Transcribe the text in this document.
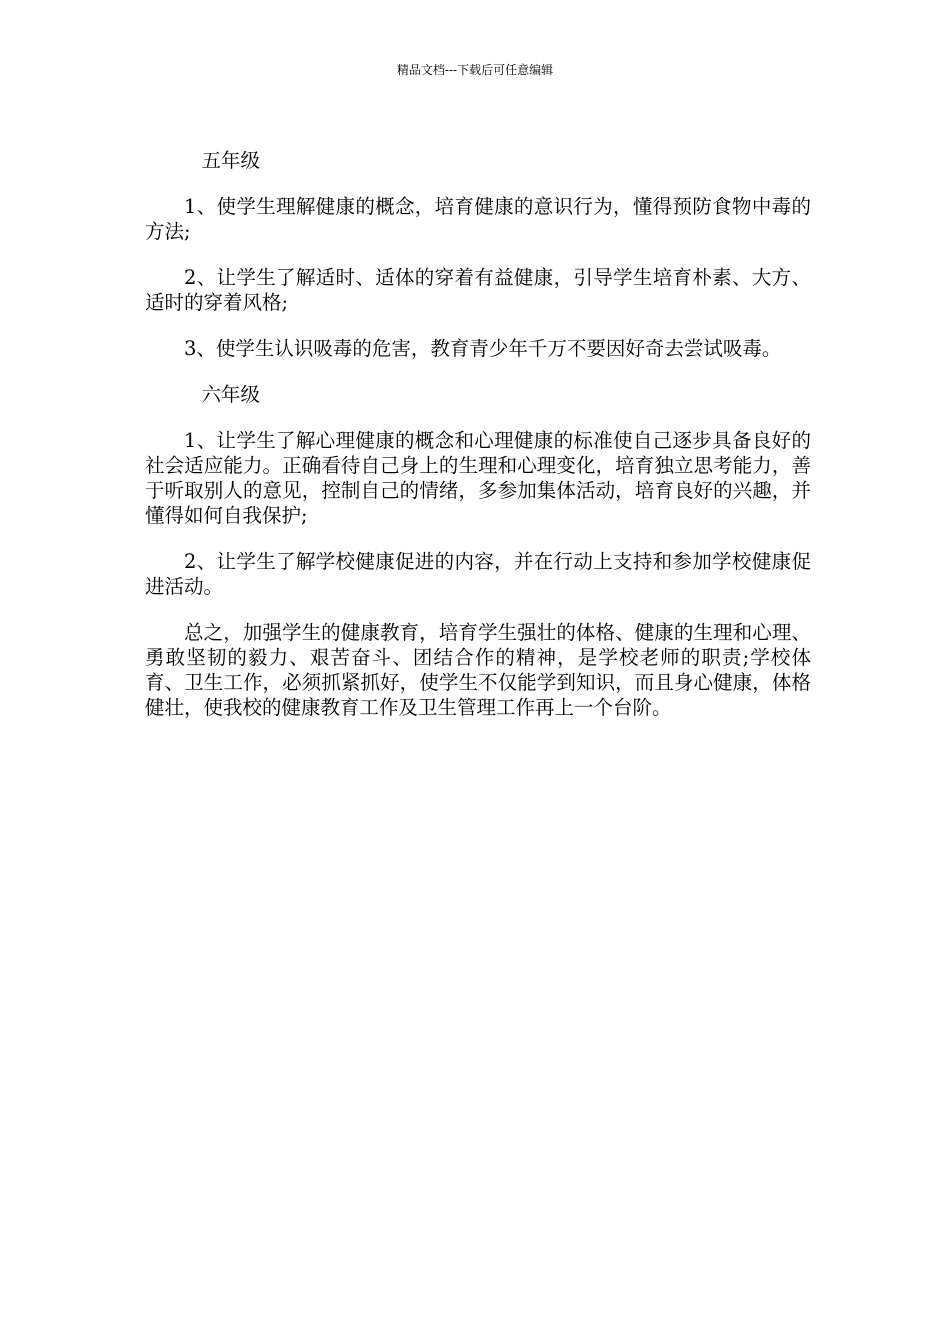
精品文档---下载后可任意编辑

五年级

1、使学生理解健康的概念，培育健康的意识行为，懂得预防食物中毒的方法;

2、让学生了解适时、适体的穿着有益健康，引导学生培育朴素、大方、适时的穿着风格;

3、使学生认识吸毒的危害，教育青少年千万不要因好奇去尝试吸毒。

六年级

1、让学生了解心理健康的概念和心理健康的标准使自己逐步具备良好的社会适应能力。正确看待自己身上的生理和心理变化，培育独立思考能力，善于听取别人的意见，控制自己的情绪，多参加集体活动，培育良好的兴趣，并懂得如何自我保护;

2、让学生了解学校健康促进的内容，并在行动上支持和参加学校健康促进活动。

总之，加强学生的健康教育，培育学生强壮的体格、健康的生理和心理、勇敢坚韧的毅力、艰苦奋斗、团结合作的精神，是学校老师的职责;学校体育、卫生工作，必须抓紧抓好，使学生不仅能学到知识，而且身心健康，体格健壮，使我校的健康教育工作及卫生管理工作再上一个台阶。
